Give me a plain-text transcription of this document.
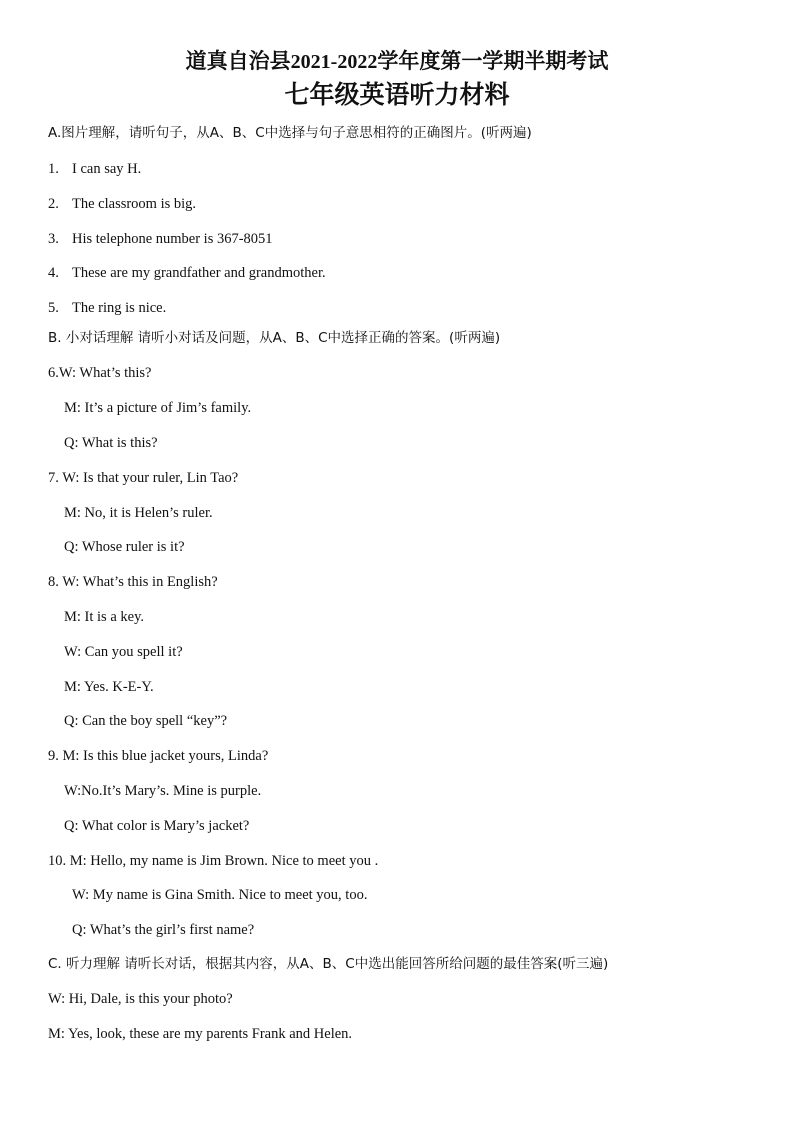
道真自治县2021-2022学年度第一学期半期考试
七年级英语听力材料
A.图片理解，请听句子，从A、B、C中选择与句子意思相符的正确图片。(听两遍)
1. I can say H.
2. The classroom is big.
3. His telephone number is 367-8051
4. These are my grandfather and grandmother.
5. The ring is nice.
B. 小对话理解 请听小对话及问题，从A、B、C中选择正确的答案。(听两遍)
6.W: What’s this?
M: It’s a picture of Jim’s family.
Q: What is this?
7. W: Is that your ruler, Lin Tao?
M: No, it is Helen’s ruler.
Q: Whose ruler is it?
8. W: What’s this in English?
M: It is a key.
W: Can you spell it?
M: Yes. K-E-Y.
Q: Can the boy spell “key”?
9. M: Is this blue jacket yours, Linda?
W:No.It’s Mary’s. Mine is purple.
Q: What color is Mary’s jacket?
10. M: Hello, my name is Jim Brown. Nice to meet you .
W: My name is Gina Smith. Nice to meet you, too.
Q: What’s the girl’s first name?
C. 听力理解 请听长对话，根据其内容，从A、B、C中选出能回答所给问题的最佳答案(听三遍)
W: Hi, Dale, is this your photo?
M: Yes, look, these are my parents Frank and Helen.
